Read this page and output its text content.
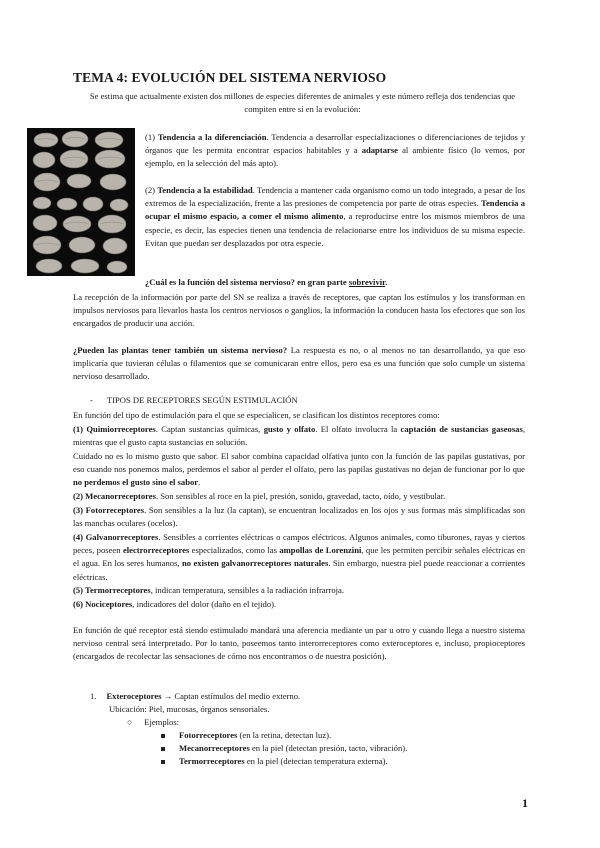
TEMA 4: EVOLUCIÓN DEL SISTEMA NERVIOSO
Se estima que actualmente existen dos millones de especies diferentes de animales y este número refleja dos tendencias que compiten entre sí en la evolución:
(1) Tendencia a la diferenciación. Tendencia a desarrollar especializaciones o diferenciaciones de tejidos y órganos que les permita encontrar espacios habitables y a adaptarse al ambiente físico (lo vemos, por ejemplo, en la selección del más apto).
(2) Tendencia a la estabilidad. Tendencia a mantener cada organismo como un todo integrado, a pesar de los extremos de la especialización, frente a las presiones de competencia por parte de otras especies. Tendencia a ocupar el mismo espacio, a comer el mismo alimento, a reproducirse entre los mismos miembros de una especie, es decir, las especies tienen una tendencia de relacionarse entre los individuos de su misma especie. Evitan que puedan ser desplazados por otra especie.
¿Cuál es la función del sistema nervioso? en gran parte sobrevivir.
La recepción de la información por parte del SN se realiza a través de receptores, que captan los estímulos y los transforman en impulsos nerviosos para llevarlos hasta los centros nerviosos o ganglios, la información la conducen hasta los efectores que son los encargados de producir una acción.
¿Pueden las plantas tener también un sistema nervioso? La respuesta es no, o al menos no tan desarrollando, ya que eso implicaría que tuvieran células o filamentos que se comunicaran entre ellos, pero esa es una función que solo cumple un sistema nervioso desarrollado.
- TIPOS DE RECEPTORES SEGÚN ESTIMULACIÓN
En función del tipo de estimulación para el que se especialicen, se clasifican los distintos receptores como:
(1) Quimiorreceptores. Captan sustancias químicas, gusto y olfato. El olfato involucra la captación de sustancias gaseosas, mientras que el gusto capta sustancias en solución.
Cuidado no es lo mismo gusto que sabor. El sabor combina capacidad olfativa junto con la función de las papilas gustativas, por eso cuando nos ponemos malos, perdemos el sabor al perder el olfato, pero las papilas gustativas no dejan de funcionar por lo que no perdemos el gusto sino el sabor.
(2) Mecanorreceptores. Son sensibles al roce en la piel, presión, sonido, gravedad, tacto, oído, y vestibular.
(3) Fotorreceptores. Son sensibles a la luz (la captan), se encuentran localizados en los ojos y sus formas más simplificadas son las manchas oculares (ocelos).
(4) Galvanorreceptores. Sensibles a corrientes eléctricas o campos eléctricos. Algunos animales, como tiburones, rayas y ciertos peces, poseen electrorreceptores especializados, como las ampollas de Lorenzini, que les permiten percibir señales eléctricas en el agua. En los seres humanos, no existen galvanorreceptores naturales. Sin embargo, nuestra piel puede reaccionar a corrientes eléctricas.
(5) Termorreceptores, indican temperatura, sensibles a la radiación infrarroja.
(6) Nociceptores, indicadores del dolor (daño en el tejido).
En función de qué receptor está siendo estimulado mandará una aferencia mediante un par u otro y cuando llega a nuestro sistema nervioso central será interpretado. Por lo tanto, poseemos tanto interorreceptores como exteroceptores e, incluso, propioceptores (encargados de recolectar las sensaciones de cómo nos encontramos o de nuestra posición).
1. Exteroceptores → Captan estímulos del medio externo.
Ubicación: Piel, mucosas, órganos sensoriales.
○ Ejemplos:
Fotorreceptores (en la retina, detectan luz).
Mecanorreceptores en la piel (detectan presión, tacto, vibración).
Termorreceptores en la piel (detectan temperatura externa).
1
